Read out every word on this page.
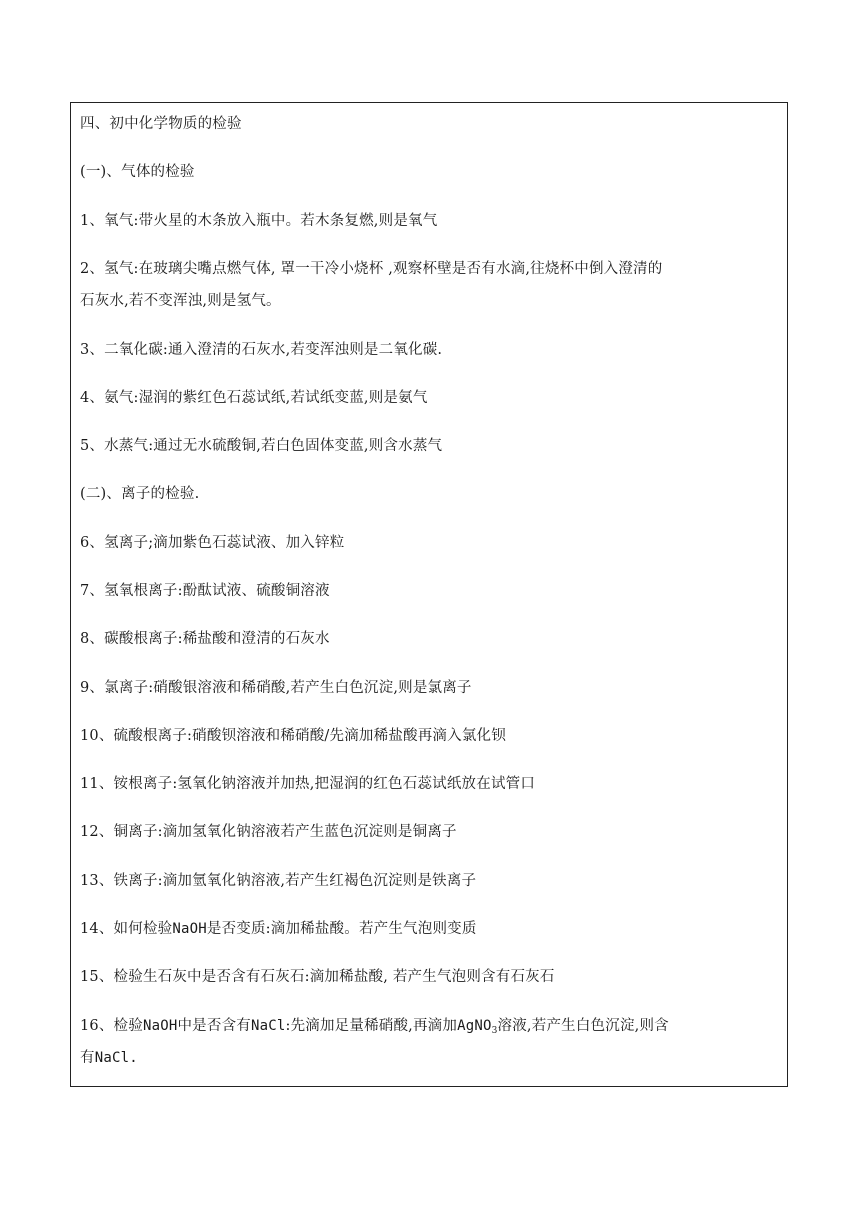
四、初中化学物质的检验
(一)、气体的检验
1、氧气:带火星的木条放入瓶中。若木条复燃,则是氧气
2、氢气:在玻璃尖嘴点燃气体, 罩一干冷小烧杯 ,观察杯壁是否有水滴,往烧杯中倒入澄清的
石灰水,若不变浑浊,则是氢气。
3、二氧化碳:通入澄清的石灰水,若变浑浊则是二氧化碳.
4、氨气:湿润的紫红色石蕊试纸,若试纸变蓝,则是氨气
5、水蒸气:通过无水硫酸铜,若白色固体变蓝,则含水蒸气
(二)、离子的检验.
6、氢离子;滴加紫色石蕊试液、加入锌粒
7、氢氧根离子:酚酞试液、硫酸铜溶液
8、碳酸根离子:稀盐酸和澄清的石灰水
9、氯离子:硝酸银溶液和稀硝酸,若产生白色沉淀,则是氯离子
10、硫酸根离子:硝酸钡溶液和稀硝酸/先滴加稀盐酸再滴入氯化钡
11、铵根离子:氢氧化钠溶液并加热,把湿润的红色石蕊试纸放在试管口
12、铜离子:滴加氢氧化钠溶液若产生蓝色沉淀则是铜离子
13、铁离子:滴加氫氧化钠溶液,若产生红褐色沉淀则是铁离子
14、如何检验NaOH是否变质:滴加稀盐酸。若产生气泡则变质
15、检验生石灰中是否含有石灰石:滴加稀盐酸, 若产生气泡则含有石灰石
16、检验NaOH中是否含有NaCl:先滴加足量稀硝酸,再滴加AgNO$_3$溶液,若产生白色沉淀,则含
有NaCl.
